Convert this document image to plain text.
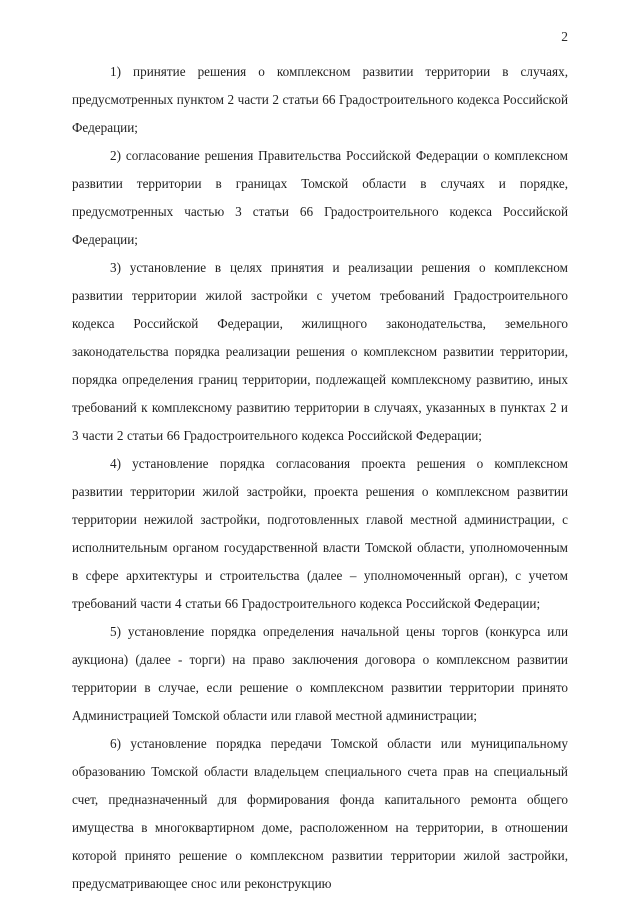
2

1) принятие решения о комплексном развитии территории в случаях, предусмотренных пунктом 2 части 2 статьи 66 Градостроительного кодекса Российской Федерации;

2) согласование решения Правительства Российской Федерации о комплексном развитии территории в границах Томской области в случаях и порядке, предусмотренных частью 3 статьи 66 Градостроительного кодекса Российской Федерации;

3) установление в целях принятия и реализации решения о комплексном развитии территории жилой застройки с учетом требований Градостроительного кодекса Российской Федерации, жилищного законодательства, земельного законодательства порядка реализации решения о комплексном развитии территории, порядка определения границ территории, подлежащей комплексному развитию, иных требований к комплексному развитию территории в случаях, указанных в пунктах 2 и 3 части 2 статьи 66 Градостроительного кодекса Российской Федерации;

4) установление порядка согласования проекта решения о комплексном развитии территории жилой застройки, проекта решения о комплексном развитии территории нежилой застройки, подготовленных главой местной администрации, с исполнительным органом государственной власти Томской области, уполномоченным в сфере архитектуры и строительства (далее – уполномоченный орган), с учетом требований части 4 статьи 66 Градостроительного кодекса Российской Федерации;

5) установление порядка определения начальной цены торгов (конкурса или аукциона) (далее - торги) на право заключения договора о комплексном развитии территории в случае, если решение о комплексном развитии территории принято Администрацией Томской области или главой местной администрации;

6) установление порядка передачи Томской области или муниципальному образованию Томской области владельцем специального счета прав на специальный счет, предназначенный для формирования фонда капитального ремонта общего имущества в многоквартирном доме, расположенном на территории, в отношении которой принято решение о комплексном развитии территории жилой застройки, предусматривающее снос или реконструкцию
